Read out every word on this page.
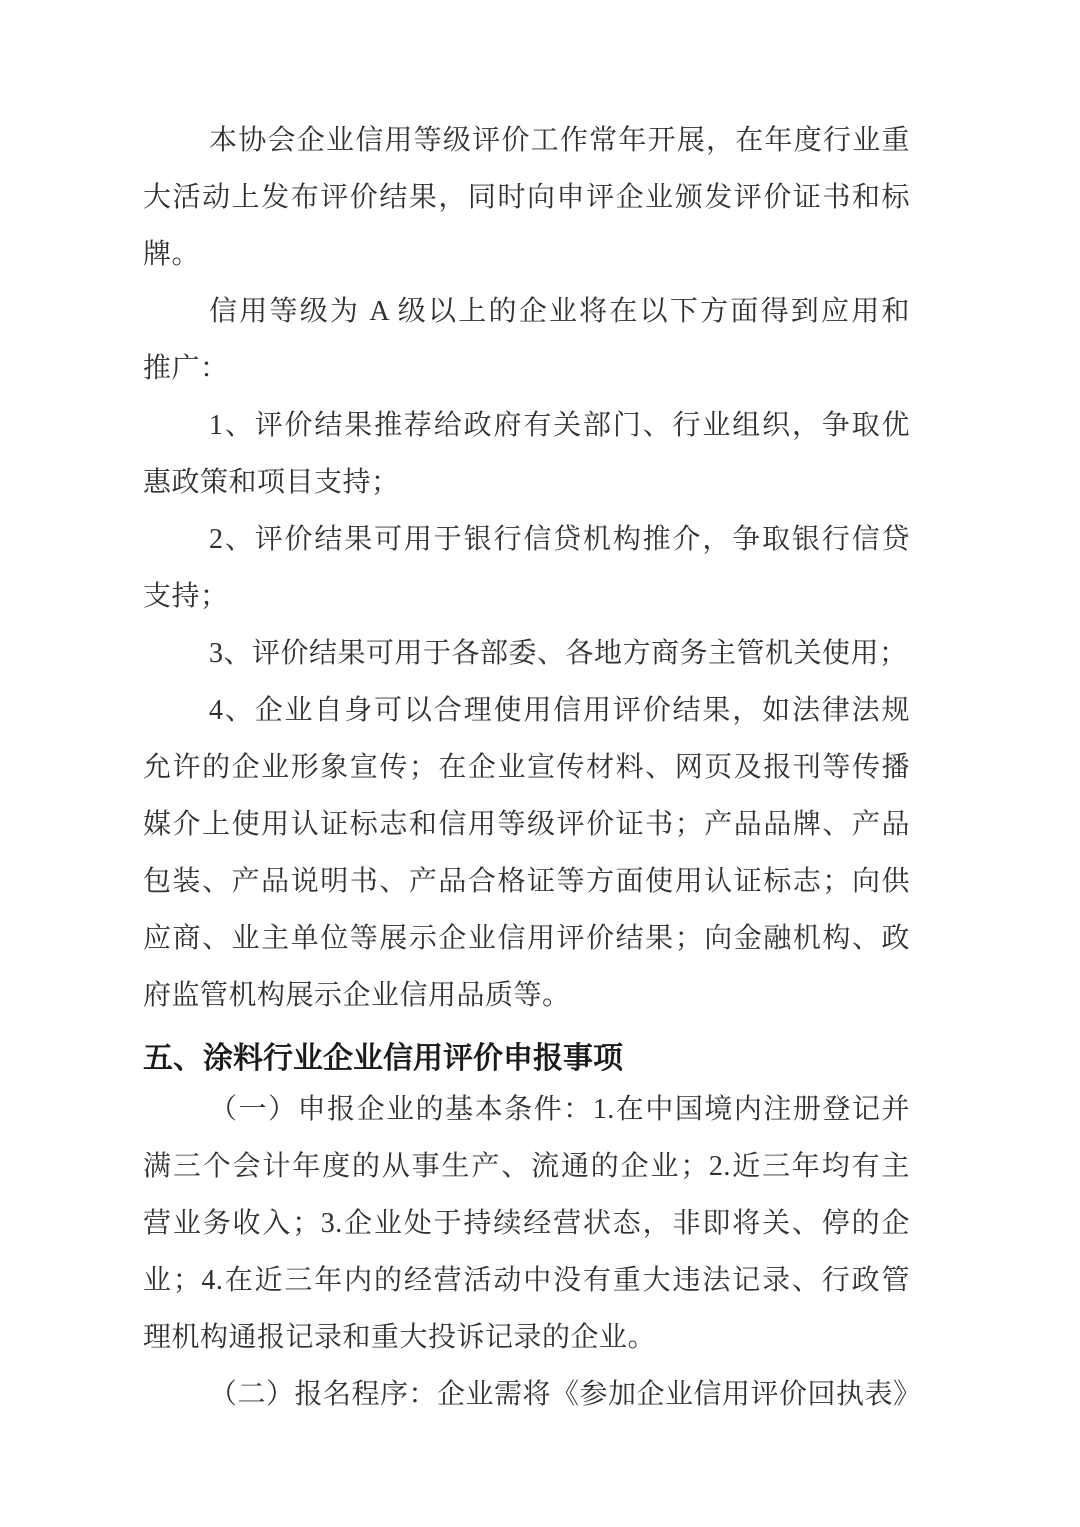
本协会企业信用等级评价工作常年开展，在年度行业重
大活动上发布评价结果，同时向申评企业颁发评价证书和标
牌。
信用等级为 A 级以上的企业将在以下方面得到应用和
推广：
1、评价结果推荐给政府有关部门、行业组织，争取优
惠政策和项目支持；
2、评价结果可用于银行信贷机构推介，争取银行信贷
支持；
3、评价结果可用于各部委、各地方商务主管机关使用；
4、企业自身可以合理使用信用评价结果，如法律法规
允许的企业形象宣传；在企业宣传材料、网页及报刊等传播
媒介上使用认证标志和信用等级评价证书；产品品牌、产品
包装、产品说明书、产品合格证等方面使用认证标志；向供
应商、业主单位等展示企业信用评价结果；向金融机构、政
府监管机构展示企业信用品质等。
五、涂料行业企业信用评价申报事项
（一）申报企业的基本条件：1.在中国境内注册登记并
满三个会计年度的从事生产、流通的企业；2.近三年均有主
营业务收入；3.企业处于持续经营状态，非即将关、停的企
业；4.在近三年内的经营活动中没有重大违法记录、行政管
理机构通报记录和重大投诉记录的企业。
（二）报名程序：企业需将《参加企业信用评价回执表》
